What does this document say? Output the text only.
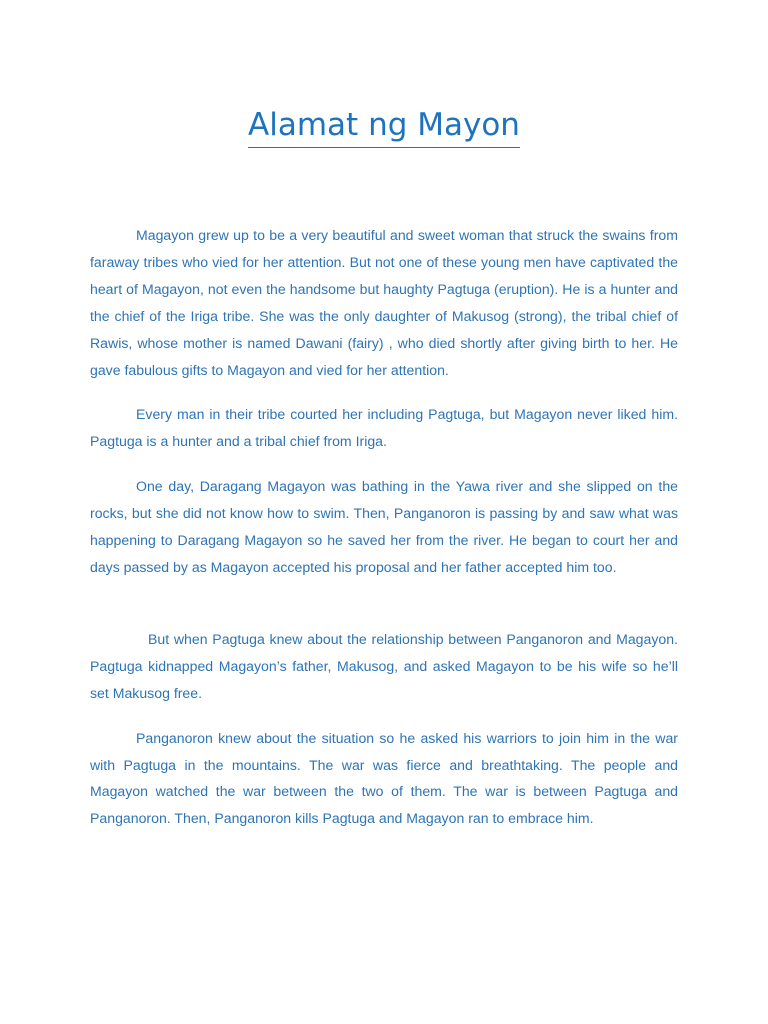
Alamat ng Mayon

Magayon grew up to be a very beautiful and sweet woman that struck the swains from faraway tribes who vied for her attention. But not one of these young men have captivated the heart of Magayon, not even the handsome but haughty Pagtuga (eruption). He is a hunter and the chief of the Iriga tribe. She was the only daughter of Makusog (strong), the tribal chief of Rawis, whose mother is named Dawani (fairy) , who died shortly after giving birth to her. He gave fabulous gifts to Magayon and vied for her attention.

Every man in their tribe courted her including Pagtuga, but Magayon never liked him. Pagtuga is a hunter and a tribal chief from Iriga.

One day, Daragang Magayon was bathing in the Yawa river and she slipped on the rocks, but she did not know how to swim. Then, Panganoron is passing by and saw what was happening to Daragang Magayon so he saved her from the river. He began to court her and days passed by as Magayon accepted his proposal and her father accepted him too.

But when Pagtuga knew about the relationship between Panganoron and Magayon. Pagtuga kidnapped Magayon’s father, Makusog, and asked Magayon to be his wife so he’ll set Makusog free.

Panganoron knew about the situation so he asked his warriors to join him in the war with Pagtuga in the mountains. The war was fierce and breathtaking. The people and Magayon watched the war between the two of them. The war is between Pagtuga and Panganoron. Then, Panganoron kills Pagtuga and Magayon ran to embrace him.
